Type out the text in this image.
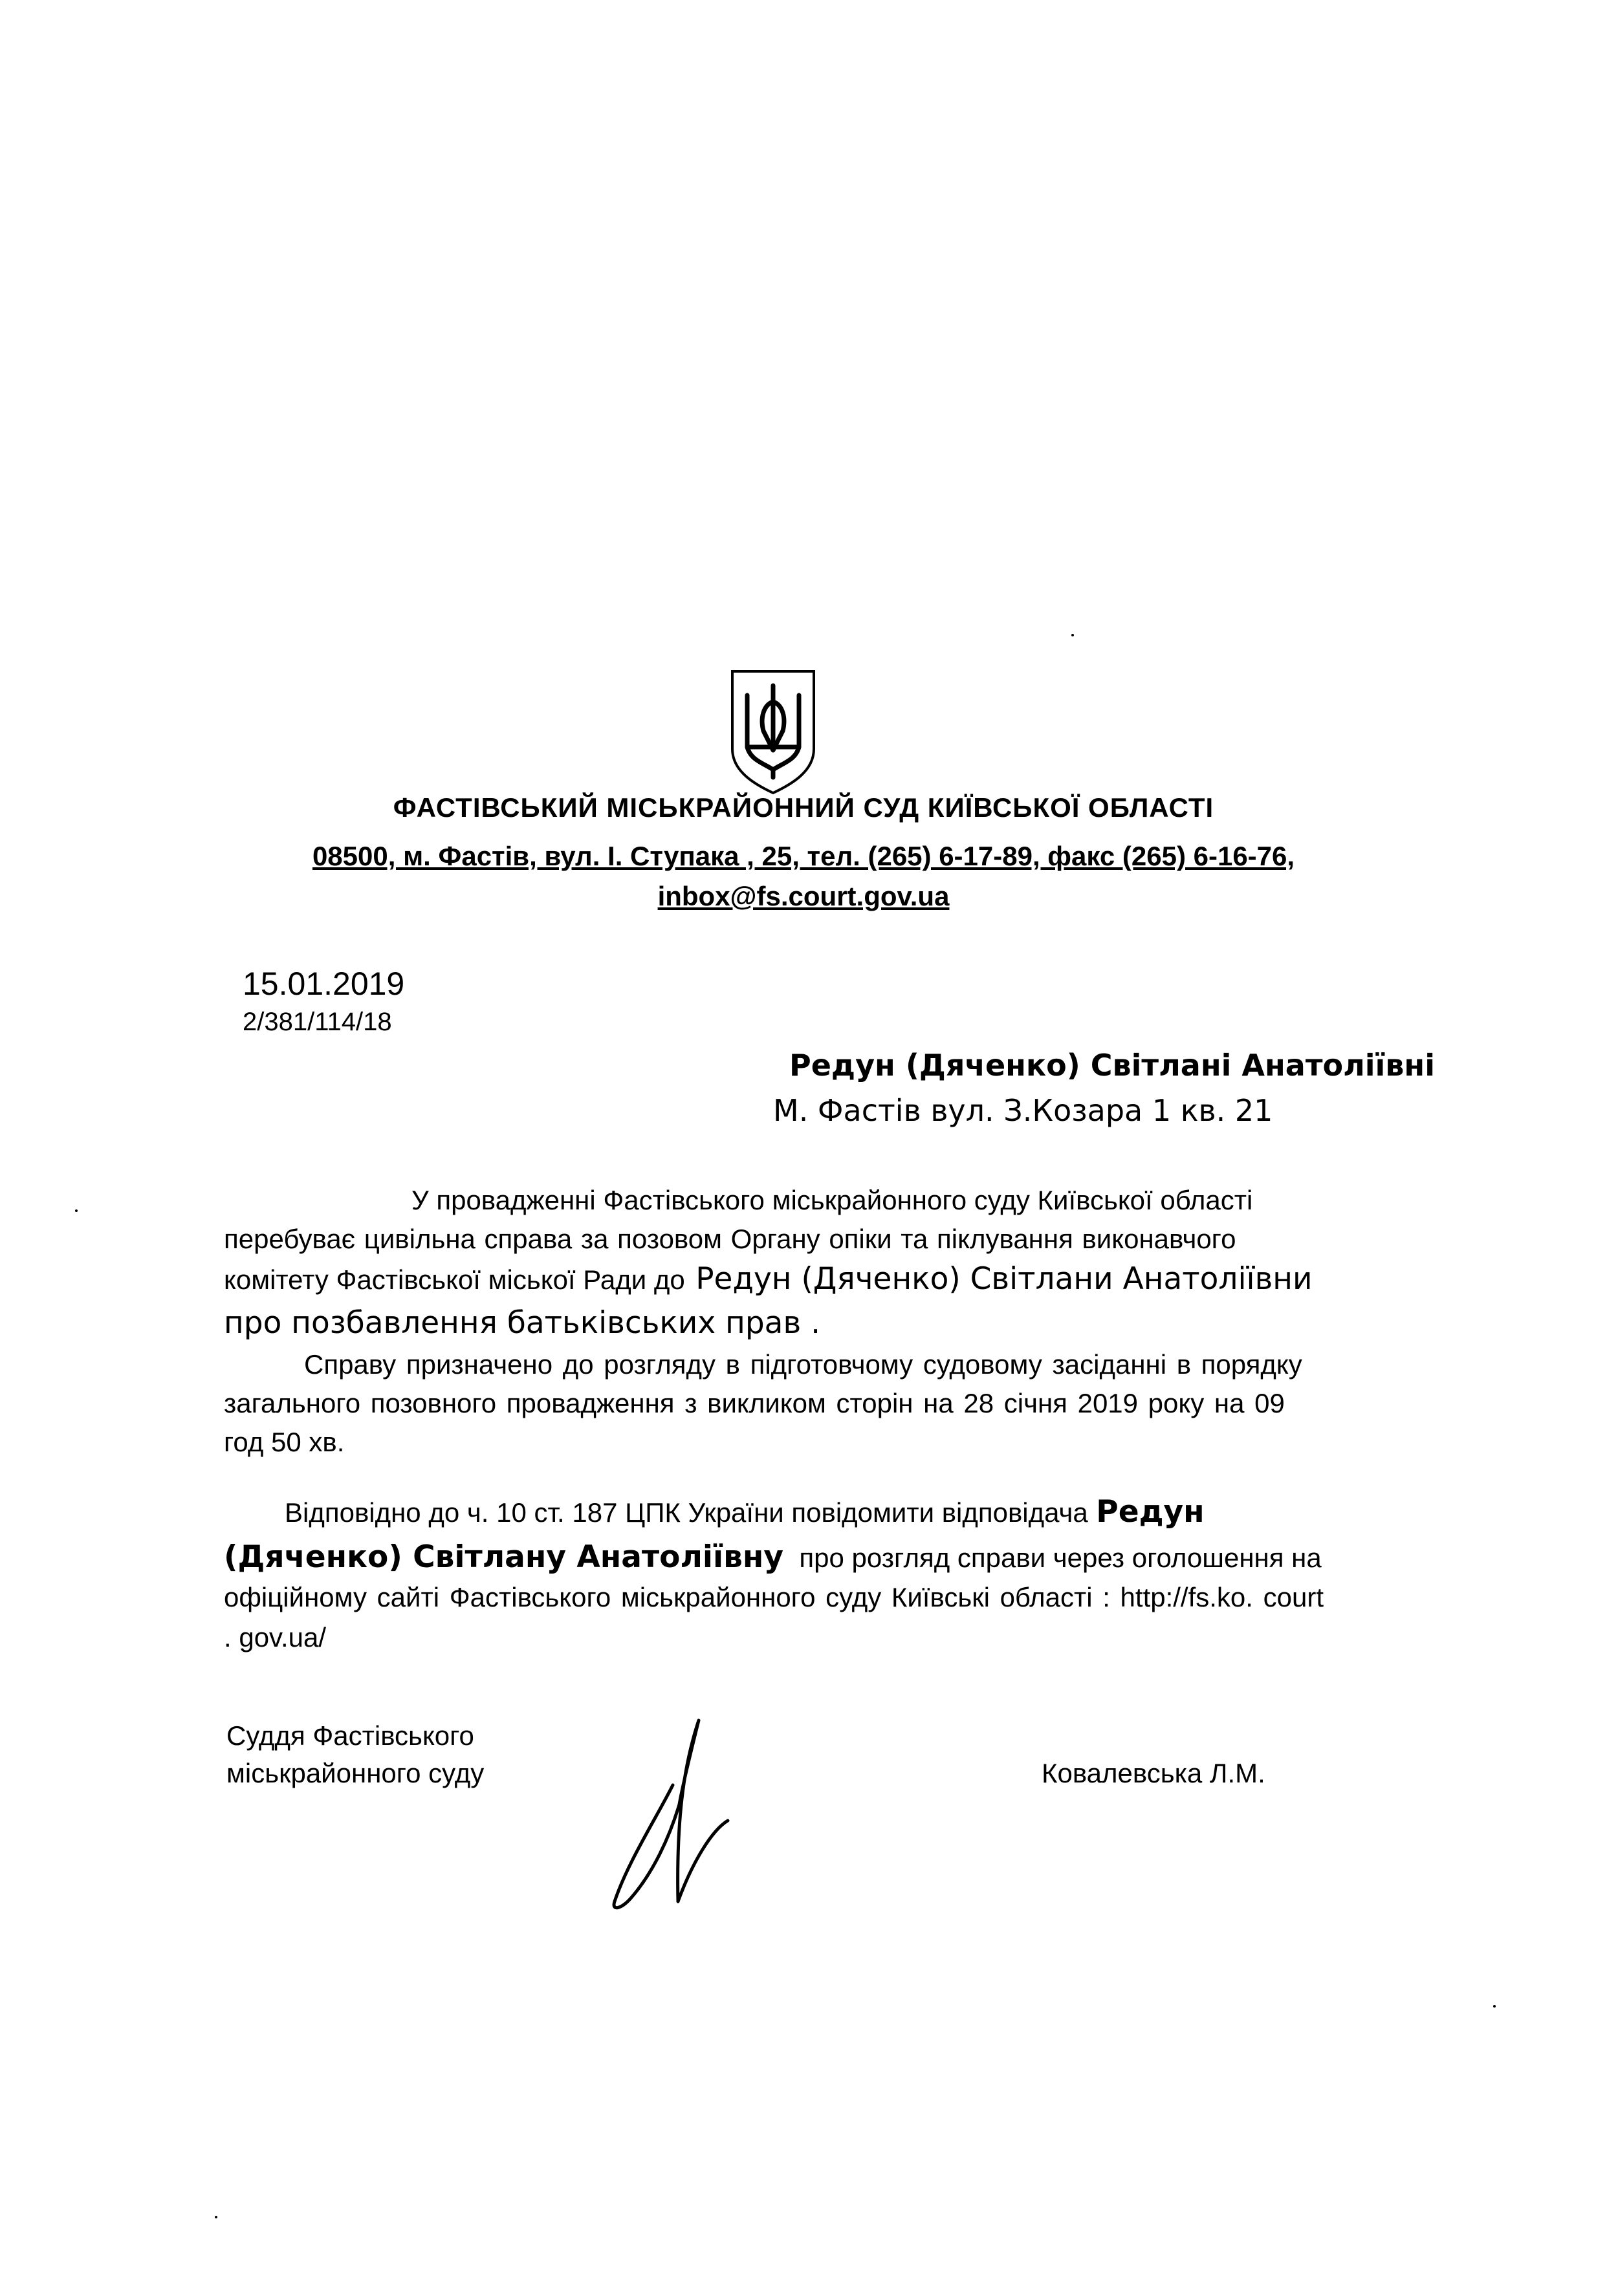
ФАСТІВСЬКИЙ МІСЬКРАЙОННИЙ СУД КИЇВСЬКОЇ ОБЛАСТІ
08500, м. Фастів, вул. І. Ступака , 25, тел. (265) 6-17-89, факс (265) 6-16-76,
inbox@fs.court.gov.ua
15.01.2019
2/381/114/18
Редун (Дяченко) Світлані Анатоліївні
М. Фастів вул. З.Козара 1 кв. 21
У провадженні Фастівського міськрайонного суду Київської області
перебуває цивільна справа за позовом Органу опіки та піклування виконавчого
комітету Фастівської міської Ради до Редун (Дяченко) Світлани Анатоліївни
про позбавлення батьківських прав .
Справу призначено до розгляду в підготовчому судовому засіданні в порядку
загального позовного провадження з викликом сторін на 28 січня 2019 року на 09
год 50 хв.
Відповідно до ч. 10 ст. 187 ЦПК України повідомити відповідача Редун
(Дяченко) Світлану Анатоліївну про розгляд справи через оголошення на
офіційному сайті Фастівського міськрайонного суду Київські області : http://fs.ko. court
. gov.ua/
Суддя Фастівського
міськрайонного суду	Ковалевська Л.М.
